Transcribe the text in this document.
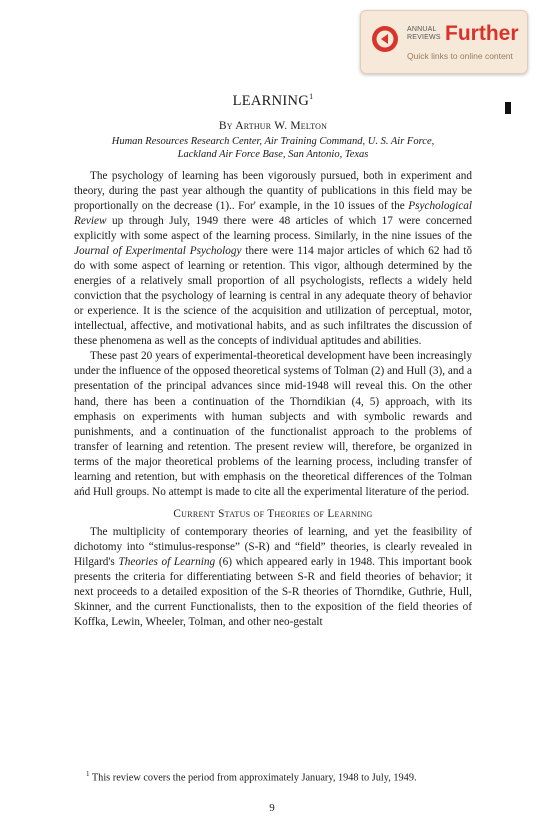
ANNUAL
REVIEWS Further
Quick links to online content
LEARNING$^1$
By Arthur W. Melton
Human Resources Research Center, Air Training Command, U. S. Air Force,
Lackland Air Force Base, San Antonio, Texas

The psychology of learning has been vigorously pursued, both in experiment and theory, during the past year although the quantity of publications in this field may be proportionally on the decrease (1).. For' example, in the 10 issues of the Psychological Review up through July, 1949 there were 48 articles of which 17 were concerned explicitly with some aspect of the learning process. Similarly, in the nine issues of the Journal of Experimental Psychology there were 114 major articles of which 62 had tŏ do with some aspect of learning or retention. This vigor, although determined by the energies of a relatively small proportion of all psychologists, reflects a widely held conviction that the psychology of learning is central in any adequate theory of behavior or experience. It is the science of the acquisition and utilization of perceptual, motor, intellectual, affective, and motivational habits, and as such infiltrates the discussion of these phenomena as well as the concepts of individual aptitudes and abilities.

These past 20 years of experimental-theoretical development have been increasingly under the influence of the opposed theoretical systems of Tolman (2) and Hull (3), and a presentation of the principal advances since mid-1948 will reveal this. On the other hand, there has been a continuation of the Thorndikian (4, 5) approach, with its emphasis on experiments with human subjects and with symbolic rewards and punishments, and a continuation of the functionalist approach to the problems of transfer of learning and retention. The present review will, therefore, be organized in terms of the major theoretical problems of the learning process, including transfer of learning and retention, but with emphasis on the theoretical differences of the Tolman ańd Hull groups. No attempt is made to cite all the experimental literature of the period.

Current Status of Theories of Learning

The multiplicity of contemporary theories of learning, and yet the feasibility of dichotomy into “stimulus-response” (S-R) and “field” theories, is clearly revealed in Hilgard's Theories of Learning (6) which appeared early in 1948. This important book presents the criteria for differentiating between S-R and field theories of behavior; it next proceeds to a detailed exposition of the S-R theories of Thorndike, Guthrie, Hull, Skinner, and the current Functionalists, then to the exposition of the field theories of Koffka, Lewin, Wheeler, Tolman, and other neo-gestalt

$^1$ This review covers the period from approximately January, 1948 to July, 1949.

9
